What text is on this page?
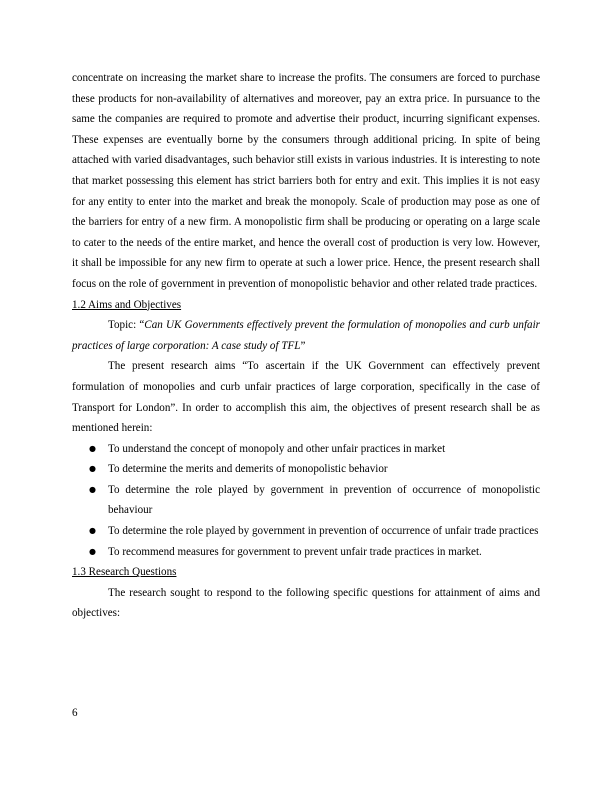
concentrate on increasing the market share to increase the profits. The consumers are forced to purchase these products for non-availability of alternatives and moreover, pay an extra price. In pursuance to the same the companies are required to promote and advertise their product, incurring significant expenses. These expenses are eventually borne by the consumers through additional pricing. In spite of being attached with varied disadvantages, such behavior still exists in various industries. It is interesting to note that market possessing this element has strict barriers both for entry and exit. This implies it is not easy for any entity to enter into the market and break the monopoly. Scale of production may pose as one of the barriers for entry of a new firm. A monopolistic firm shall be producing or operating on a large scale to cater to the needs of the entire market, and hence the overall cost of production is very low. However, it shall be impossible for any new firm to operate at such a lower price. Hence, the present research shall focus on the role of government in prevention of monopolistic behavior and other related trade practices.

1.2 Aims and Objectives

Topic: “Can UK Governments effectively prevent the formulation of monopolies and curb unfair practices of large corporation: A case study of TFL”

The present research aims “To ascertain if the UK Government can effectively prevent formulation of monopolies and curb unfair practices of large corporation, specifically in the case of Transport for London”. In order to accomplish this aim, the objectives of present research shall be as mentioned herein:

● To understand the concept of monopoly and other unfair practices in market
● To determine the merits and demerits of monopolistic behavior
● To determine the role played by government in prevention of occurrence of monopolistic behaviour
● To determine the role played by government in prevention of occurrence of unfair trade practices
● To recommend measures for government to prevent unfair trade practices in market.

1.3 Research Questions

The research sought to respond to the following specific questions for attainment of aims and objectives:

6
